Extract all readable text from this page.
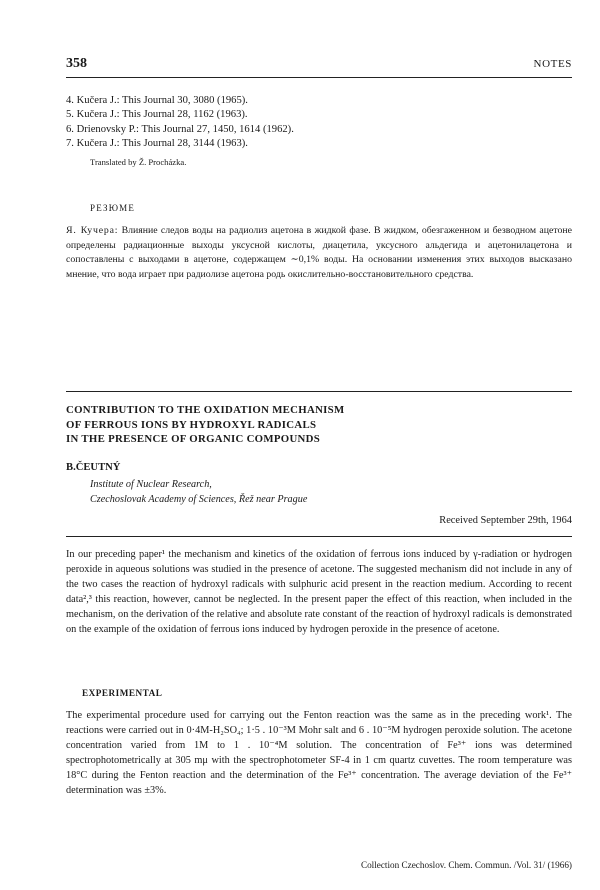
358	NOTES

4. Kučera J.: This Journal 30, 3080 (1965).

5. Kučera J.: This Journal 28, 1162 (1963).

6. Drienovsky P.: This Journal 27, 1450, 1614 (1962).

7. Kučera J.: This Journal 28, 3144 (1963).

Translated by Ž. Procházka.
РЕЗЮМЕ

Я. Кучера: Влияние следов воды на радиолиз ацетона в жидкой фазе. В жидком, обезгаженном и безводном ацетоне определены радиационные выходы уксусной кислоты, диацетила, уксусного альдегида и ацетонилацетона и сопоставлены с выходами в ацетоне, содержащем ∼0,1% воды. На основании изменения этих выходов высказано мнение, что вода играет при радиолизе ацетона родь окислительно-восстановительного средства.

CONTRIBUTION TO THE OXIDATION MECHANISM
OF FERROUS IONS BY HYDROXYL RADICALS
IN THE PRESENCE OF ORGANIC COMPOUNDS
B.ČEUTNÝ
Institute of Nuclear Research,
Czechoslovak Academy of Sciences, Řež near Prague
Received September 29th, 1964

In our preceding paper¹ the mechanism and kinetics of the oxidation of ferrous ions induced by γ-radiation or hydrogen peroxide in aqueous solutions was studied in the presence of acetone. The suggested mechanism did not include in any of the two cases the reaction of hydroxyl radicals with sulphuric acid present in the reaction medium. According to recent data²,³ this reaction, however, cannot be neglected. In the present paper the effect of this reaction, when included in the mechanism, on the derivation of the relative and absolute rate constant of the reaction of hydroxyl radicals is demonstrated on the example of the oxidation of ferrous ions induced by hydrogen peroxide in the presence of acetone.

EXPERIMENTAL

The experimental procedure used for carrying out the Fenton reaction was the same as in the preceding work¹. The reactions were carried out in 0·4M-H₂SO₄; 1·5 . 10⁻³M Mohr salt and 6 . 10⁻⁵M hydrogen peroxide solution. The acetone concentration varied from 1M to 1 . 10⁻⁴M solution. The concentration of Fe³⁺ ions was determined spectrophotometrically at 305 mμ with the spectrophotometer SF-4 in 1 cm quartz cuvettes. The room temperature was 18°C during the Fenton reaction and the determination of the Fe³⁺ concentration. The average deviation of the Fe³⁺ determination was ±3%.

Collection Czechoslov. Chem. Commun. /Vol. 31/ (1966)
